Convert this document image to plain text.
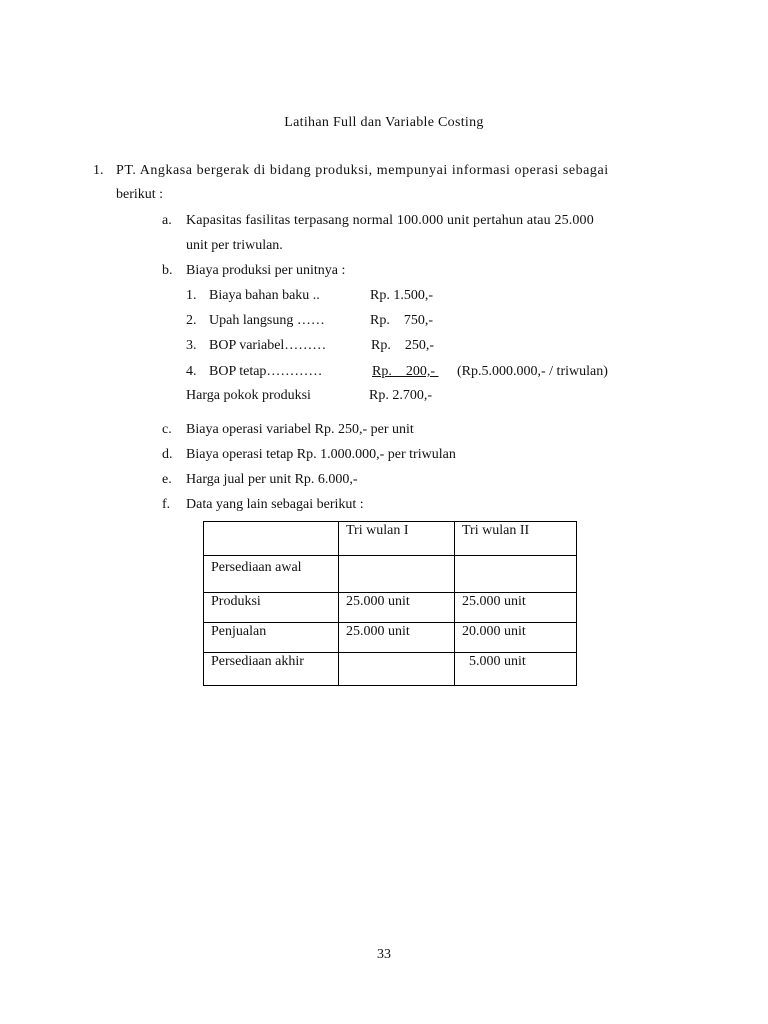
Latihan Full dan Variable Costing
1. PT. Angkasa bergerak di bidang produksi, mempunyai informasi operasi sebagai
berikut :
a. Kapasitas fasilitas terpasang normal 100.000 unit pertahun atau 25.000
unit per triwulan.
b. Biaya produksi per unitnya :
1. Biaya bahan baku ..	Rp. 1.500,-
2. Upah langsung ……	Rp.    750,-
3. BOP variabel………	Rp.    250,-
4. BOP tetap…………	Rp.    200,- (Rp.5.000.000,- / triwulan)
Harga pokok produksi	Rp. 2.700,-
c. Biaya operasi variabel Rp. 250,- per unit
d. Biaya operasi tetap Rp. 1.000.000,- per triwulan
e. Harga jual per unit Rp. 6.000,-
f. Data yang lain sebagai berikut :
	Tri wulan I	Tri wulan II
Persediaan awal		
Produksi	25.000 unit	25.000 unit
Penjualan	25.000 unit	20.000 unit
Persediaan akhir		5.000 unit
33
